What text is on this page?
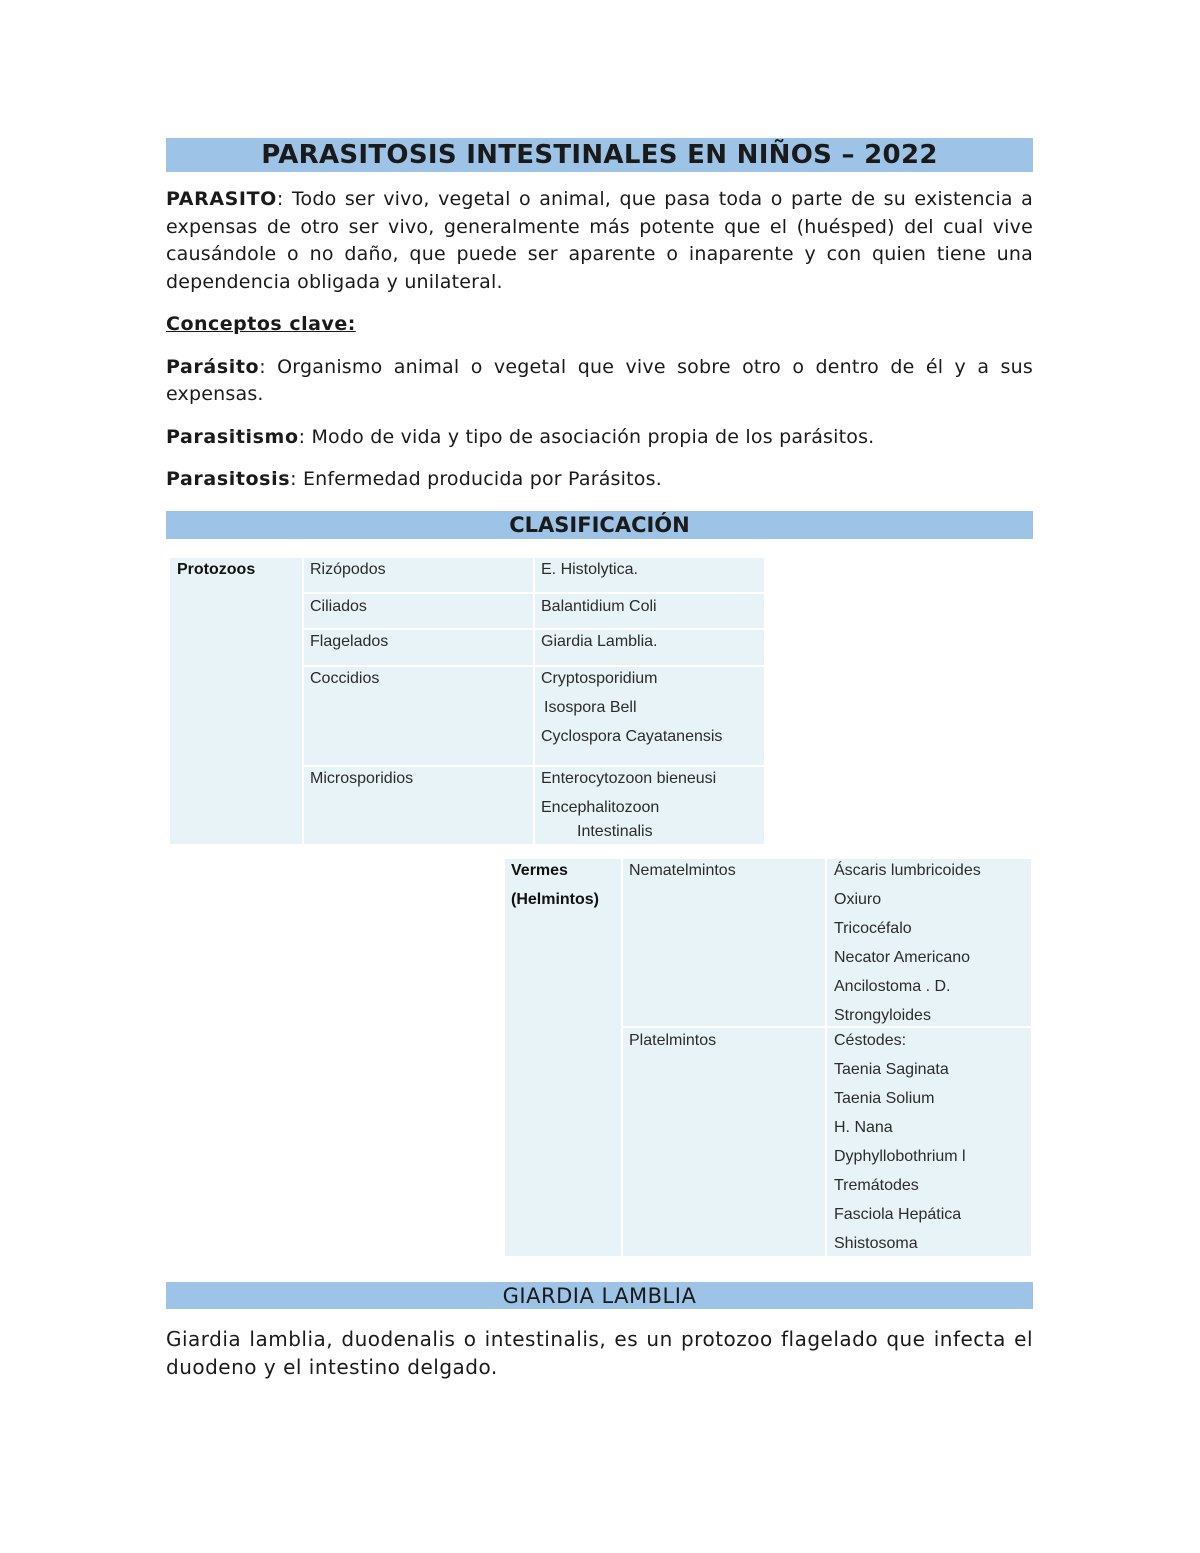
PARASITOSIS INTESTINALES EN NIÑOS – 2022

PARASITO: Todo ser vivo, vegetal o animal, que pasa toda o parte de su existencia a expensas de otro ser vivo, generalmente más potente que el (huésped) del cual vive causándole o no daño, que puede ser aparente o inaparente y con quien tiene una dependencia obligada y unilateral.

Conceptos clave:

Parásito: Organismo animal o vegetal que vive sobre otro o dentro de él y a sus expensas.

Parasitismo: Modo de vida y tipo de asociación propia de los parásitos.

Parasitosis: Enfermedad producida por Parásitos.

CLASIFICACIÓN
Protozoos	Rizópodos	E. Histolytica.
Ciliados	Balantidium Coli
Flagelados	Giardia Lamblia.
Coccidios	Cryptosporidium
Isospora Bell
Cyclospora Cayatanensis
Microsporidios	Enterocytozoon bieneusi
Encephalitozoon
Intestinalis
Vermes
(Helmintos)
Nematelmintos	Áscaris lumbricoides
Oxiuro
Tricocéfalo
Necator Americano
Ancilostoma . D.
Strongyloides
Platelmintos	Céstodes:
Taenia Saginata
Taenia Solium
H. Nana
Dyphyllobothrium l
Tremátodes
Fasciola Hepática
Shistosoma
GIARDIA LAMBLIA

Giardia lamblia, duodenalis o intestinalis, es un protozoo flagelado que infecta el duodeno y el intestino delgado.
